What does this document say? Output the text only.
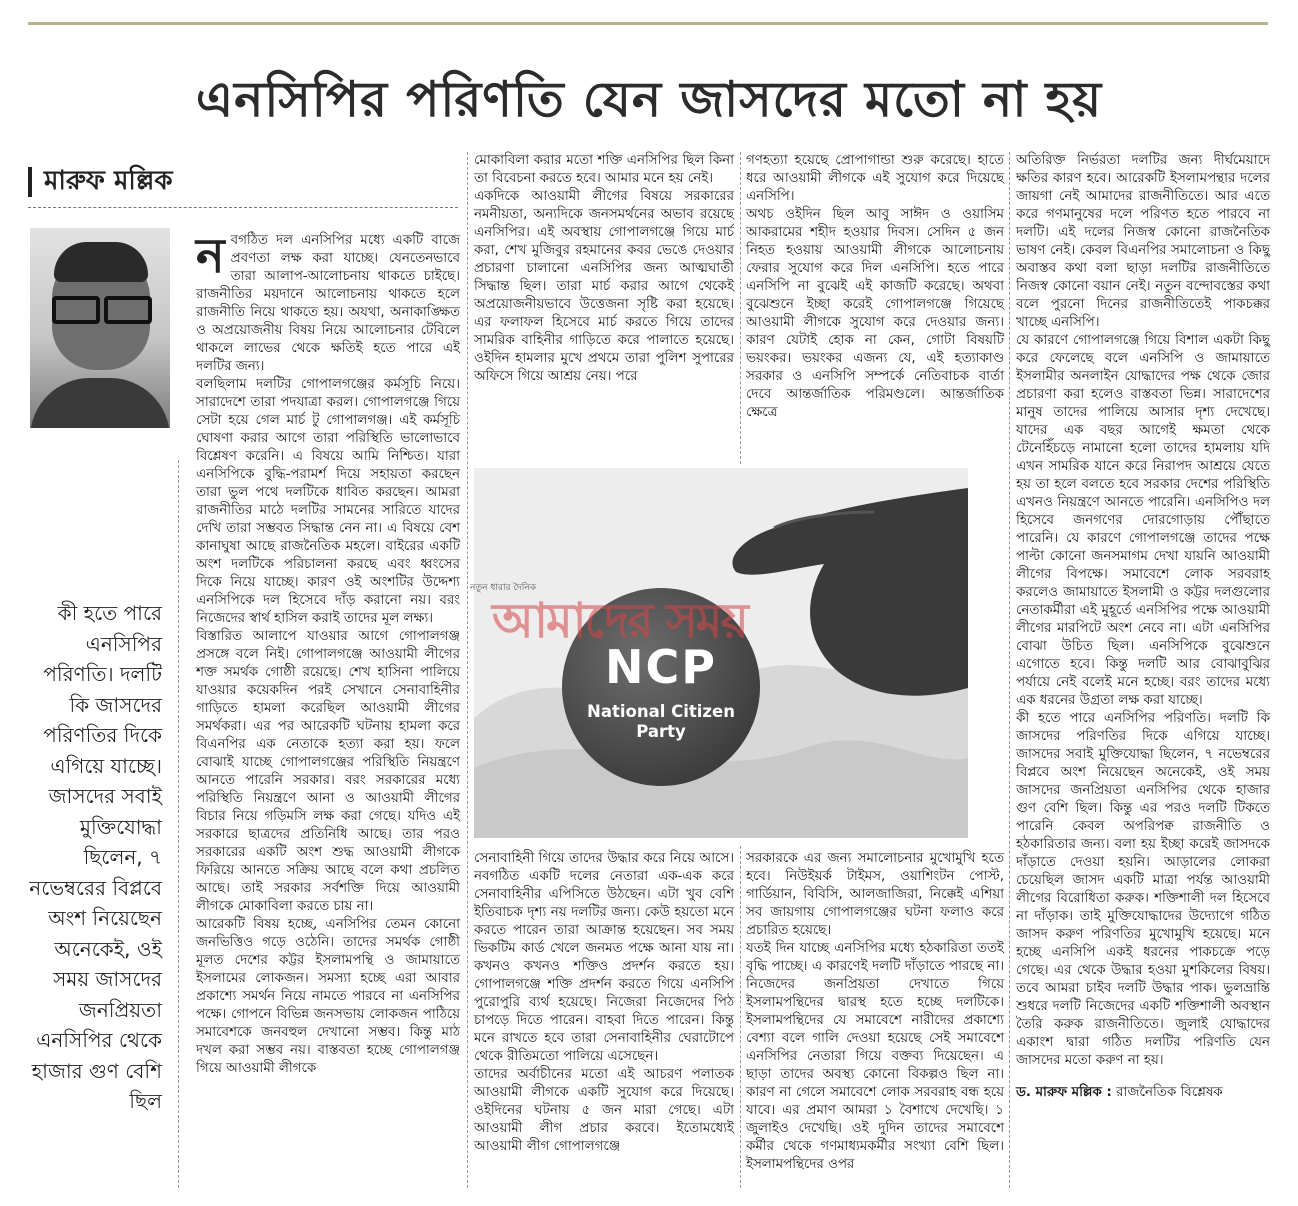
এনসিপির পরিণতি যেন জাসদের মতো না হয়
মারুফ মল্লিক
কী হতে পারে এনসিপির পরিণতি। দলটি কি জাসদের পরিণতির দিকে এগিয়ে যাচ্ছে। জাসদের সবাই মুক্তিযোদ্ধা ছিলেন, ৭ নভেম্বরের বিপ্লবে অংশ নিয়েছেন অনেকেই, ওই সময় জাসদের জনপ্রিয়তা এনসিপির থেকে হাজার গুণ বেশি ছিল
ন বগঠিত দল এনসিপির মধ্যে একটি বাজে প্রবণতা লক্ষ করা যাচ্ছে। যেনতেনভাবে তারা আলাপ-আলোচনায় থাকতে চাইছে। রাজনীতির ময়দানে আলোচনায় থাকতে হলে রাজনীতি নিয়ে থাকতে হয়। অযথা, অনাকাঙ্ক্ষিত ও অপ্রয়োজনীয় বিষয় নিয়ে আলোচনার টেবিলে থাকলে লাভের থেকে ক্ষতিই হতে পারে এই দলটির জন্য।

বলছিলাম দলটির গোপালগঞ্জের কর্মসূচি নিয়ে। সারাদেশে তারা পদযাত্রা করল। গোপালগঞ্জে গিয়ে সেটা হয়ে গেল মার্চ টু গোপালগঞ্জ। এই কর্মসূচি ঘোষণা করার আগে তারা পরিস্থিতি ভালোভাবে বিশ্লেষণ করেনি। এ বিষয়ে আমি নিশ্চিত। যারা এনসিপিকে বুদ্ধি-পরামর্শ দিয়ে সহায়তা করছেন তারা ভুল পথে দলটিকে ধাবিত করছেন। আমরা রাজনীতির মাঠে দলটির সামনের সারিতে যাদের দেখি তারা সম্ভবত সিদ্ধান্ত নেন না। এ বিষয়ে বেশ কানাঘুষা আছে রাজনৈতিক মহলে। বাইরের একটি অংশ দলটিকে পরিচালনা করছে এবং ধ্বংসের দিকে নিয়ে যাচ্ছে। কারণ ওই অংশটির উদ্দেশ্য এনসিপিকে দল হিসেবে দাঁড় করানো নয়। বরং নিজেদের স্বার্থ হাসিল করাই তাদের মূল লক্ষ্য।

বিস্তারিত আলাপে যাওয়ার আগে গোপালগঞ্জ প্রসঙ্গে বলে নিই। গোপালগঞ্জে আওয়ামী লীগের শক্ত সমর্থক গোষ্ঠী রয়েছে। শেখ হাসিনা পালিয়ে যাওয়ার কয়েকদিন পরই সেখানে সেনাবাহিনীর গাড়িতে হামলা করেছিল আওয়ামী লীগের সমর্থকরা। এর পর আরেকটি ঘটনায় হামলা করে বিএনপির এক নেতাকে হত্যা করা হয়। ফলে বোঝাই যাচ্ছে গোপালগঞ্জের পরিস্থিতি নিয়ন্ত্রণে আনতে পারেনি সরকার। বরং সরকারের মধ্যে পরিস্থিতি নিয়ন্ত্রণে আনা ও আওয়ামী লীগের বিচার নিয়ে গড়িমসি লক্ষ করা গেছে। যদিও এই সরকারে ছাত্রদের প্রতিনিধি আছে। তার পরও সরকারের একটি অংশ শুদ্ধ আওয়ামী লীগকে ফিরিয়ে আনতে সক্রিয় আছে বলে কথা প্রচলিত আছে। তাই সরকার সর্বশক্তি দিয়ে আওয়ামী লীগকে মোকাবিলা করতে চায় না।

আরেকটি বিষয় হচ্ছে, এনসিপির তেমন কোনো জনভিত্তিও গড়ে ওঠেনি। তাদের সমর্থক গোষ্ঠী মূলত দেশের কট্টর ইসলামপন্থি ও জামায়াতে ইসলামের লোকজন। সমস্যা হচ্ছে এরা আবার প্রকাশ্যে সমর্থন নিয়ে নামতে পারবে না এনসিপির পক্ষে। গোপনে বিভিন্ন জনসভায় লোকজন পাঠিয়ে সমাবেশকে জনবহুল দেখানো সম্ভব। কিন্তু মাঠ দখল করা সম্ভব নয়। বাস্তবতা হচ্ছে গোপালগঞ্জ গিয়ে আওয়ামী লীগকে

মোকাবিলা করার মতো শক্তি এনসিপির ছিল কিনা তা বিবেচনা করতে হবে। আমার মনে হয় নেই।

একদিকে আওয়ামী লীগের বিষয়ে সরকারের নমনীয়তা, অন্যদিকে জনসমর্থনের অভাব রয়েছে এনসিপির। এই অবস্থায় গোপালগঞ্জে গিয়ে মার্চ করা, শেখ মুজিবুর রহমানের কবর ভেঙে দেওয়ার প্রচারণা চালানো এনসিপির জন্য আত্মঘাতী সিদ্ধান্ত ছিল। তারা মার্চ করার আগে থেকেই অপ্রয়োজনীয়ভাবে উত্তেজনা সৃষ্টি করা হয়েছে। এর ফলাফল হিসেবে মার্চ করতে গিয়ে তাদের সামরিক বাহিনীর গাড়িতে করে পালাতে হয়েছে। ওইদিন হামলার মুখে প্রথমে তারা পুলিশ সুপারের অফিসে গিয়ে আশ্রয় নেয়। পরে

গণহত্যা হয়েছে প্রোপাগান্ডা শুরু করেছে। হাতে ধরে আওয়ামী লীগকে এই সুযোগ করে দিয়েছে এনসিপি।

অথচ ওইদিন ছিল আবু সাঈদ ও ওয়াসিম আকরামের শহীদ হওয়ার দিবস। সেদিন ৫ জন নিহত হওয়ায় আওয়ামী লীগকে আলোচনায় ফেরার সুযোগ করে দিল এনসিপি। হতে পারে এনসিপি না বুঝেই এই কাজটি করেছে। অথবা বুঝেশুনে ইচ্ছা করেই গোপালগঞ্জে গিয়েছে আওয়ামী লীগকে সুযোগ করে দেওয়ার জন্য। কারণ যেটাই হোক না কেন, গোটা বিষয়টি ভয়ংকর। ভয়ংকর এজন্য যে, এই হত্যাকাণ্ড সরকার ও এনসিপি সম্পর্কে নেতিবাচক বার্তা দেবে আন্তর্জাতিক পরিমণ্ডলে। আন্তর্জাতিক ক্ষেত্রে

NCP
National Citizen
Party
নতুন ধারার দৈনিক
আমাদের সময়

সেনাবাহিনী গিয়ে তাদের উদ্ধার করে নিয়ে আসে। নবগঠিত একটি দলের নেতারা এক-এক করে সেনাবাহিনীর এপিসিতে উঠছেন। এটা খুব বেশি ইতিবাচক দৃশ্য নয় দলটির জন্য। কেউ হয়তো মনে করতে পারেন তারা আক্রান্ত হয়েছেন। সব সময় ভিকটিম কার্ড খেলে জনমত পক্ষে আনা যায় না। কখনও কখনও শক্তিও প্রদর্শন করতে হয়। গোপালগঞ্জে শক্তি প্রদর্শন করতে গিয়ে এনসিপি পুরোপুরি ব্যর্থ হয়েছে। নিজেরা নিজেদের পিঠ চাপড়ে দিতে পারেন। বাহবা দিতে পারেন। কিন্তু মনে রাখতে হবে তারা সেনাবাহিনীর ঘেরাটোপে থেকে রীতিমতো পালিয়ে এসেছেন।

তাদের অর্বাচীনের মতো এই আচরণ পলাতক আওয়ামী লীগকে একটি সুযোগ করে দিয়েছে। ওইদিনের ঘটনায় ৫ জন মারা গেছে। এটা আওয়ামী লীগ প্রচার করবে। ইতোমধ্যেই আওয়ামী লীগ গোপালগঞ্জে

সরকারকে এর জন্য সমালোচনার মুখোমুখি হতে হবে। নিউইয়র্ক টাইমস, ওয়াশিংটন পোস্ট, গার্ডিয়ান, বিবিসি, আলজাজিরা, নিক্কেই এশিয়া সব জায়গায় গোপালগঞ্জের ঘটনা ফলাও করে প্রচারিত হয়েছে।

যতই দিন যাচ্ছে এনসিপির মধ্যে হঠকারিতা ততই বৃদ্ধি পাচ্ছে। এ কারণেই দলটি দাঁড়াতে পারছে না। নিজেদের জনপ্রিয়তা দেখাতে গিয়ে ইসলামপন্থিদের দ্বারস্থ হতে হচ্ছে দলটিকে। ইসলামপন্থিদের যে সমাবেশে নারীদের প্রকাশ্যে বেশ্যা বলে গালি দেওয়া হয়েছে সেই সমাবেশে এনসিপির নেতারা গিয়ে বক্তব্য দিয়েছেন। এ ছাড়া তাদের অবস্থ্য কোনো বিকল্পও ছিল না। কারণ না গেলে সমাবেশে লোক সরবরাহ বন্ধ হয়ে যাবে। এর প্রমাণ আমরা ১ বৈশাখে দেখেছি। ১ জুলাইও দেখেছি। ওই দুদিন তাদের সমাবেশে কর্মীর থেকে গণমাধ্যমকর্মীর সংখ্যা বেশি ছিল। ইসলামপন্থিদের ওপর

অতিরিক্ত নির্ভরতা দলটির জন্য দীর্ঘমেয়াদে ক্ষতির কারণ হবে। আরেকটি ইসলামপন্থার দলের জায়গা নেই আমাদের রাজনীতিতে। আর এতে করে গণমানুষের দলে পরিণত হতে পারবে না দলটি। এই দলের নিজস্ব কোনো রাজনৈতিক ভাষণ নেই। কেবল বিএনপির সমালোচনা ও কিছু অবাস্তব কথা বলা ছাড়া দলটির রাজনীতিতে নিজস্ব কোনো বয়ান নেই। নতুন বন্দোবস্তের কথা বলে পুরনো দিনের রাজনীতিতেই পাকচক্কর খাচ্ছে এনসিপি।

যে কারণে গোপালগঞ্জে গিয়ে বিশাল একটা কিছু করে ফেলেছে বলে এনসিপি ও জামায়াতে ইসলামীর অনলাইন যোদ্ধাদের পক্ষ থেকে জোর প্রচারণা করা হলেও বাস্তবতা ভিন্ন। সারাদেশের মানুষ তাদের পালিয়ে আসার দৃশ্য দেখেছে। যাদের এক বছর আগেই ক্ষমতা থেকে টেনেহিঁচড়ে নামানো হলো তাদের হামলায় যদি এখন সামরিক যানে করে নিরাপদ আশ্রয়ে যেতে হয় তা হলে বলতে হবে সরকার দেশের পরিস্থিতি এখনও নিয়ন্ত্রণে আনতে পারেনি। এনসিপিও দল হিসেবে জনগণের দোরগোড়ায় পৌঁছাতে পারেনি। যে কারণে গোপালগঞ্জে তাদের পক্ষে পাল্টা কোনো জনসমাগম দেখা যায়নি আওয়ামী লীগের বিপক্ষে। সমাবেশে লোক সরবরাহ করলেও জামায়াতে ইসলামী ও কট্টর দলগুলোর নেতাকর্মীরা এই মুহূর্তে এনসিপির পক্ষে আওয়ামী লীগের মারপিটে অংশ নেবে না। এটা এনসিপির বোঝা উচিত ছিল। এনসিপিকে বুঝেশুনে এগোতে হবে। কিন্তু দলটি আর বোঝাবুঝির পর্যায়ে নেই বলেই মনে হচ্ছে। বরং তাদের মধ্যে এক ধরনের উগ্রতা লক্ষ করা যাচ্ছে।

কী হতে পারে এনসিপির পরিণতি। দলটি কি জাসদের পরিণতির দিকে এগিয়ে যাচ্ছে। জাসদের সবাই মুক্তিযোদ্ধা ছিলেন, ৭ নভেম্বরের বিপ্লবে অংশ নিয়েছেন অনেকেই, ওই সময় জাসদের জনপ্রিয়তা এনসিপির থেকে হাজার গুণ বেশি ছিল। কিন্তু এর পরও দলটি টিকতে পারেনি কেবল অপরিপক্ব রাজনীতি ও হঠকারিতার জন্য। বলা হয় ইচ্ছা করেই জাসদকে দাঁড়াতে দেওয়া হয়নি। আড়ালের লোকরা চেয়েছিল জাসদ একটি মাত্রা পর্যন্ত আওয়ামী লীগের বিরোধিতা করুক। শক্তিশালী দল হিসেবে না দাঁড়াক। তাই মুক্তিযোদ্ধাদের উদ্যোগে গঠিত জাসদ করুণ পরিণতির মুখোমুখি হয়েছে। মনে হচ্ছে এনসিপি একই ধরনের পাকচক্রে পড়ে গেছে। এর থেকে উদ্ধার হওয়া মুশকিলের বিষয়। তবে আমরা চাইব দলটি উদ্ধার পাক। ভুলভ্রান্তি শুধরে দলটি নিজেদের একটি শক্তিশালী অবস্থান তৈরি করুক রাজনীতিতে। জুলাই যোদ্ধাদের একাংশ দ্বারা গঠিত দলটির পরিণতি যেন জাসদের মতো করুণ না হয়।

ড. মারুফ মল্লিক : রাজনৈতিক বিশ্লেষক
